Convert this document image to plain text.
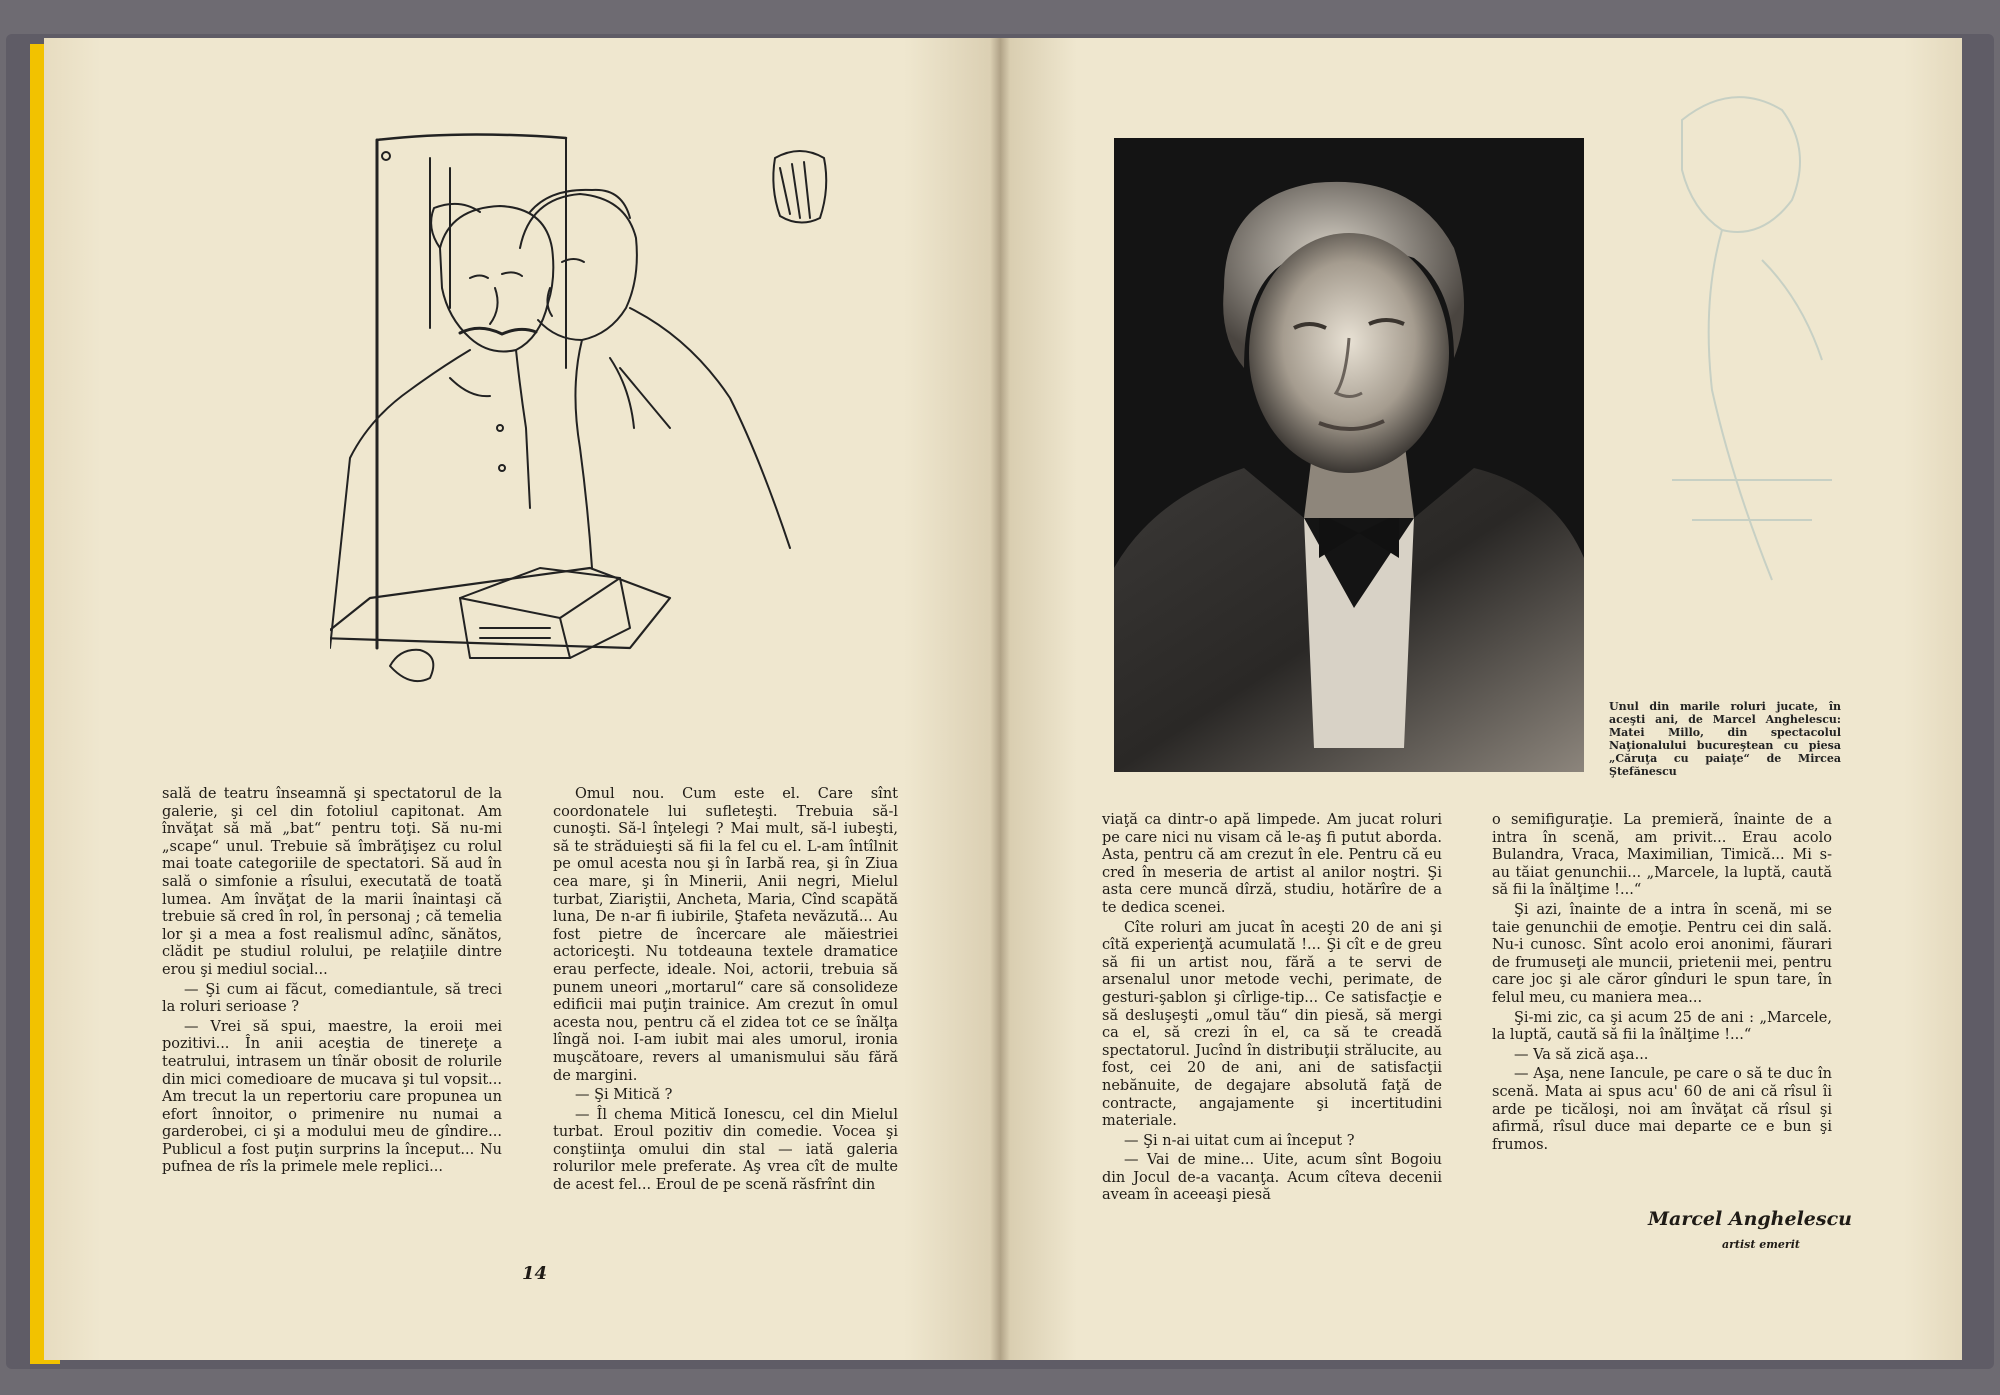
sală de teatru înseamnă şi spectatorul de la galerie, şi cel din fotoliul capitonat. Am învăţat să mă „bat“ pentru toţi. Să nu-mi „scape“ unul. Trebuie să îmbrăţişez cu rolul mai toate categoriile de spectatori. Să aud în sală o simfonie a rîsului, executată de toată lumea. Am învăţat de la marii înaintaşi că trebuie să cred în rol, în personaj ; că temelia lor şi a mea a fost realismul adînc, sănătos, clădit pe studiul rolului, pe relaţiile dintre erou şi mediul social...

— Şi cum ai făcut, comediantule, să treci la roluri serioase ?

— Vrei să spui, maestre, la eroii mei pozitivi... În anii aceştia de tinereţe a teatrului, intrasem un tînăr obosit de rolurile din mici comedioare de mucava şi tul vopsit... Am trecut la un repertoriu care propunea un efort înnoitor, o primenire nu numai a garderobei, ci şi a modului meu de gîndire... Publicul a fost puţin surprins la început... Nu pufnea de rîs la primele mele replici...

Omul nou. Cum este el. Care sînt coordonatele lui sufleteşti. Trebuia să-l cunoşti. Să-l înţelegi ? Mai mult, să-l iubeşti, să te străduieşti să fii la fel cu el. L-am întîlnit pe omul acesta nou şi în Iarbă rea, şi în Ziua cea mare, şi în Minerii, Anii negri, Mielul turbat, Ziariştii, Ancheta, Maria, Cînd scapătă luna, De n-ar fi iubirile, Ştafeta nevăzută... Au fost pietre de încercare ale măiestriei actoriceşti. Nu totdeauna textele dramatice erau perfecte, ideale. Noi, actorii, trebuia să punem uneori „mortarul“ care să consolideze edificii mai puţin trainice. Am crezut în omul acesta nou, pentru că el zidea tot ce se înălţa lîngă noi. I-am iubit mai ales umorul, ironia muşcătoare, revers al umanismului său fără de margini.

— Şi Mitică ?

— Îl chema Mitică Ionescu, cel din Mielul turbat. Eroul pozitiv din comedie. Vocea şi conştiinţa omului din stal — iată galeria rolurilor mele preferate. Aş vrea cît de multe de acest fel... Eroul de pe scenă răsfrînt din

14
Unul din marile roluri jucate, în aceşti ani, de Marcel Anghelescu: Matei Millo, din spectacolul Naţionalului bucureştean cu piesa „Căruţa cu paiaţe“ de Mircea Ştefănescu

viaţă ca dintr-o apă limpede. Am jucat roluri pe care nici nu visam că le-aş fi putut aborda. Asta, pentru că am crezut în ele. Pentru că eu cred în meseria de artist al anilor noştri. Şi asta cere muncă dîrză, studiu, hotărîre de a te dedica scenei.

Cîte roluri am jucat în aceşti 20 de ani şi cîtă experienţă acumulată !... Şi cît e de greu să fii un artist nou, fără a te servi de arsenalul unor metode vechi, perimate, de gesturi-şablon şi cîrlige-tip... Ce satisfacţie e să desluşeşti „omul tău“ din piesă, să mergi ca el, să crezi în el, ca să te creadă spectatorul. Jucînd în distribuţii strălucite, au fost, cei 20 de ani, ani de satisfacţii nebănuite, de degajare absolută faţă de contracte, angajamente şi incertitudini materiale.

— Şi n-ai uitat cum ai început ?

— Vai de mine... Uite, acum sînt Bogoiu din Jocul de-a vacanţa. Acum cîteva decenii aveam în aceeaşi piesă

o semifiguraţie. La premieră, înainte de a intra în scenă, am privit... Erau acolo Bulandra, Vraca, Maximilian, Timică... Mi s-au tăiat genunchii... „Marcele, la luptă, caută să fii la înălţime !...“

Şi azi, înainte de a intra în scenă, mi se taie genunchii de emoţie. Pentru cei din sală. Nu-i cunosc. Sînt acolo eroi anonimi, făurari de frumuseţi ale muncii, prietenii mei, pentru care joc şi ale căror gînduri le spun tare, în felul meu, cu maniera mea...

Şi-mi zic, ca şi acum 25 de ani : „Marcele, la luptă, caută să fii la înălţime !...“

— Va să zică aşa...

— Aşa, nene Iancule, pe care o să te duc în scenă. Mata ai spus acu' 60 de ani că rîsul îi arde pe ticăloşi, noi am învăţat că rîsul şi afirmă, rîsul duce mai departe ce e bun şi frumos.

Marcel Anghelescu
artist emerit
